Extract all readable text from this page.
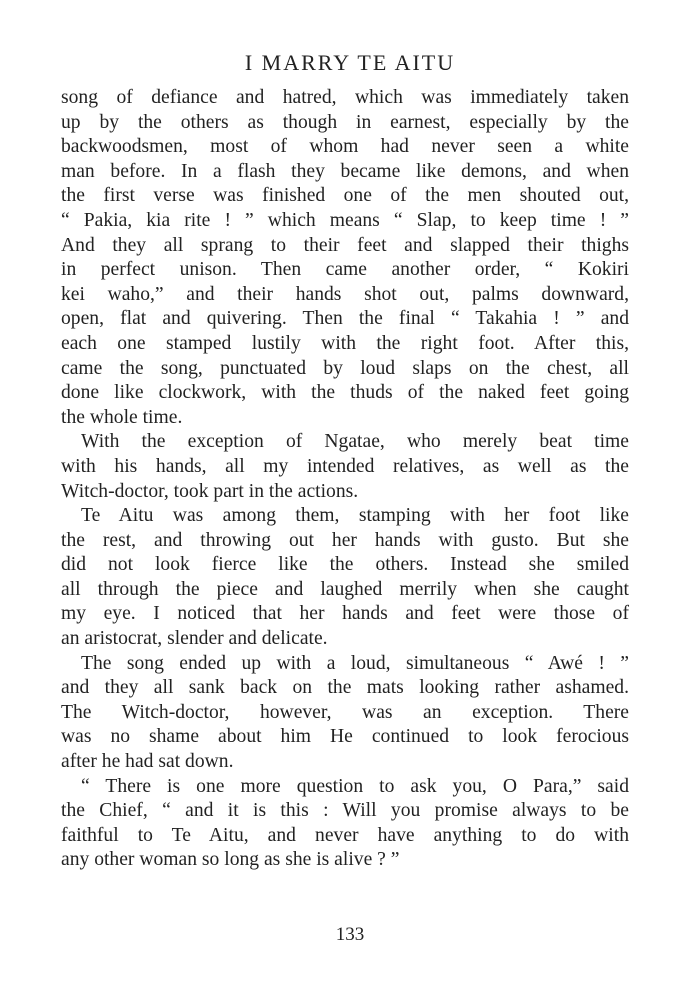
I MARRY TE AITU

song of defiance and hatred, which was immediately taken
up by the others as though in earnest, especially by the
backwoodsmen, most of whom had never seen a white
man before. In a flash they became like demons, and when
the first verse was finished one of the men shouted out,
“ Pakia, kia rite ! ” which means “ Slap, to keep time ! ”
And they all sprang to their feet and slapped their thighs
in perfect unison. Then came another order, “ Kokiri
kei waho,” and their hands shot out, palms downward,
open, flat and quivering. Then the final “ Takahia ! ” and
each one stamped lustily with the right foot. After this,
came the song, punctuated by loud slaps on the chest, all
done like clockwork, with the thuds of the naked feet going
the whole time.

With the exception of Ngatae, who merely beat time
with his hands, all my intended relatives, as well as the
Witch-doctor, took part in the actions.

Te Aitu was among them, stamping with her foot like
the rest, and throwing out her hands with gusto. But she
did not look fierce like the others. Instead she smiled
all through the piece and laughed merrily when she caught
my eye. I noticed that her hands and feet were those of
an aristocrat, slender and delicate.

The song ended up with a loud, simultaneous “ Awé ! ”
and they all sank back on the mats looking rather ashamed.
The Witch-doctor, however, was an exception. There
was no shame about him He continued to look ferocious
after he had sat down.

“ There is one more question to ask you, O Para,” said
the Chief, “ and it is this : Will you promise always to be
faithful to Te Aitu, and never have anything to do with
any other woman so long as she is alive ? ”

133
